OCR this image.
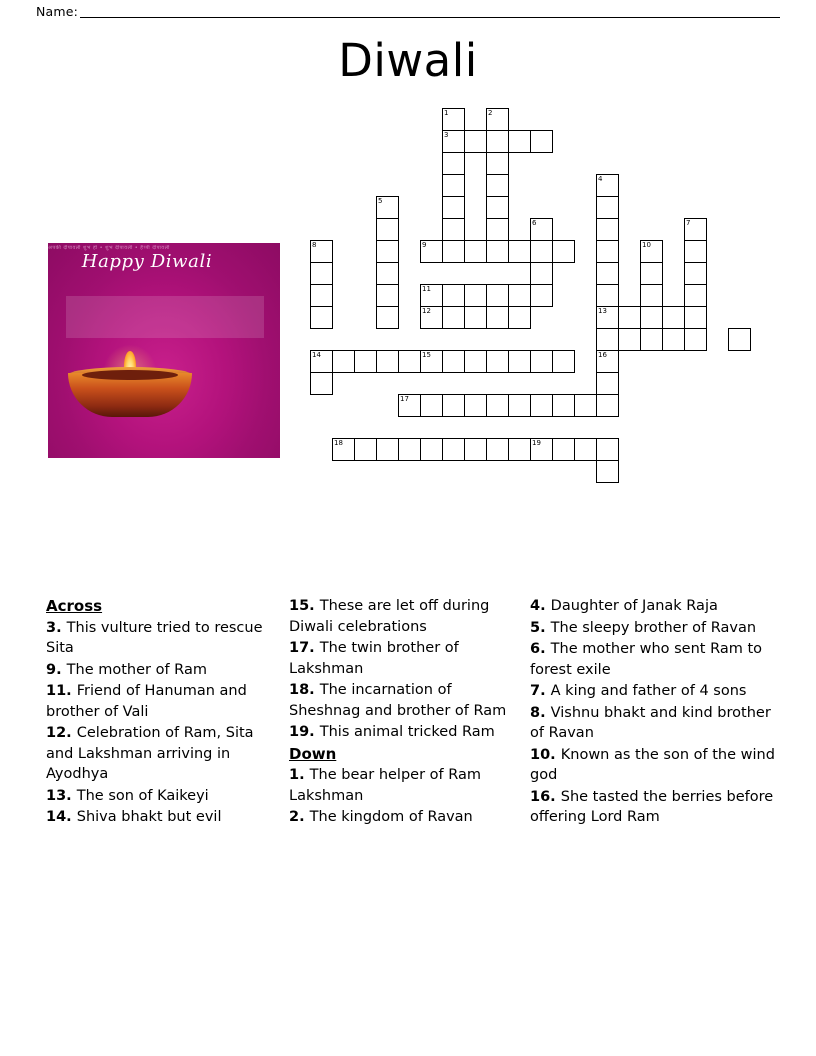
Name:
Diwali
अपकी दीपावली शुभ हो • शुभ दीपावली • हैप्पी दीपावली
Happy Diwali
1	2
3
4
5
6	7
8	9	10
11
12	13
14	15	16
17
18	19
Across
3. This vulture tried to rescue Sita
9. The mother of Ram
11. Friend of Hanuman and brother of Vali
12. Celebration of Ram, Sita and Lakshman arriving in Ayodhya
13. The son of Kaikeyi
14. Shiva bhakt but evil
15. These are let off during Diwali celebrations
17. The twin brother of Lakshman
18. The incarnation of Sheshnag and brother of Ram
19. This animal tricked Ram
Down
1. The bear helper of Ram Lakshman
2. The kingdom of Ravan
4. Daughter of Janak Raja
5. The sleepy brother of Ravan
6. The mother who sent Ram to forest exile
7. A king and father of 4 sons
8. Vishnu bhakt and kind brother of Ravan
10. Known as the son of the wind god
16. She tasted the berries before offering Lord Ram
